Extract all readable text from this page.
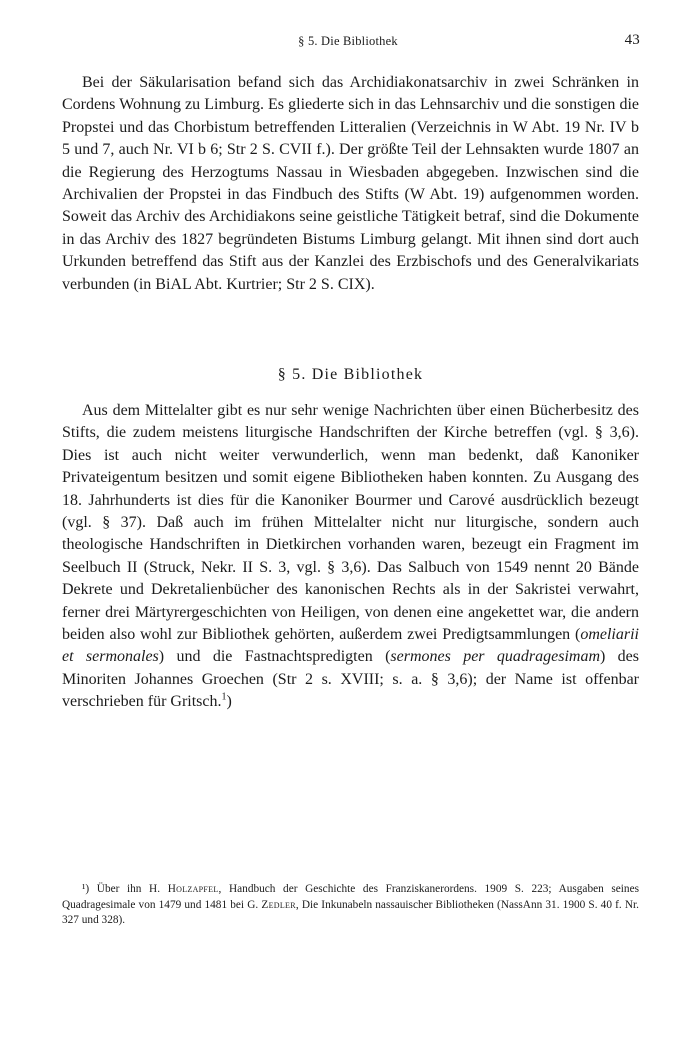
§ 5. Die Bibliothek	43

Bei der Säkularisation befand sich das Archidiakonatsarchiv in zwei Schränken in Cordens Wohnung zu Limburg. Es gliederte sich in das Lehnsarchiv und die sonstigen die Propstei und das Chorbistum betreffenden Litteralien (Verzeichnis in W Abt. 19 Nr. IV b 5 und 7, auch Nr. VI b 6; Str 2 S. CVII f.). Der größte Teil der Lehnsakten wurde 1807 an die Regierung des Herzogtums Nassau in Wiesbaden abgegeben. Inzwischen sind die Archivalien der Propstei in das Findbuch des Stifts (W Abt. 19) aufgenommen worden. Soweit das Archiv des Archidiakons seine geistliche Tätigkeit betraf, sind die Dokumente in das Archiv des 1827 begründeten Bistums Limburg gelangt. Mit ihnen sind dort auch Urkunden betreffend das Stift aus der Kanzlei des Erzbischofs und des Generalvikariats verbunden (in BiAL Abt. Kurtrier; Str 2 S. CIX).

§ 5. Die Bibliothek

Aus dem Mittelalter gibt es nur sehr wenige Nachrichten über einen Bücherbesitz des Stifts, die zudem meistens liturgische Handschriften der Kirche betreffen (vgl. § 3,6). Dies ist auch nicht weiter verwunderlich, wenn man bedenkt, daß Kanoniker Privateigentum besitzen und somit eigene Bibliotheken haben konnten. Zu Ausgang des 18. Jahrhunderts ist dies für die Kanoniker Bourmer und Carové ausdrücklich bezeugt (vgl. § 37). Daß auch im frühen Mittelalter nicht nur liturgische, sondern auch theologische Handschriften in Dietkirchen vorhanden waren, bezeugt ein Fragment im Seelbuch II (Struck, Nekr. II S. 3, vgl. § 3,6). Das Salbuch von 1549 nennt 20 Bände Dekrete und Dekretalienbücher des kanonischen Rechts als in der Sakristei verwahrt, ferner drei Märtyrergeschichten von Heiligen, von denen eine angekettet war, die andern beiden also wohl zur Bibliothek gehörten, außerdem zwei Predigtsammlungen (omeliarii et sermonales) und die Fastnachtspredigten (sermones per quadragesimam) des Minoriten Johannes Groechen (Str 2 s. XVIII; s. a. § 3,6); der Name ist offenbar verschrieben für Gritsch.$^1$)

¹) Über ihn H. Holzapfel, Handbuch der Geschichte des Franziskanerordens. 1909 S. 223; Ausgaben seines Quadragesimale von 1479 und 1481 bei G. Zedler, Die Inkunabeln nassauischer Bibliotheken (NassAnn 31. 1900 S. 40 f. Nr. 327 und 328).
